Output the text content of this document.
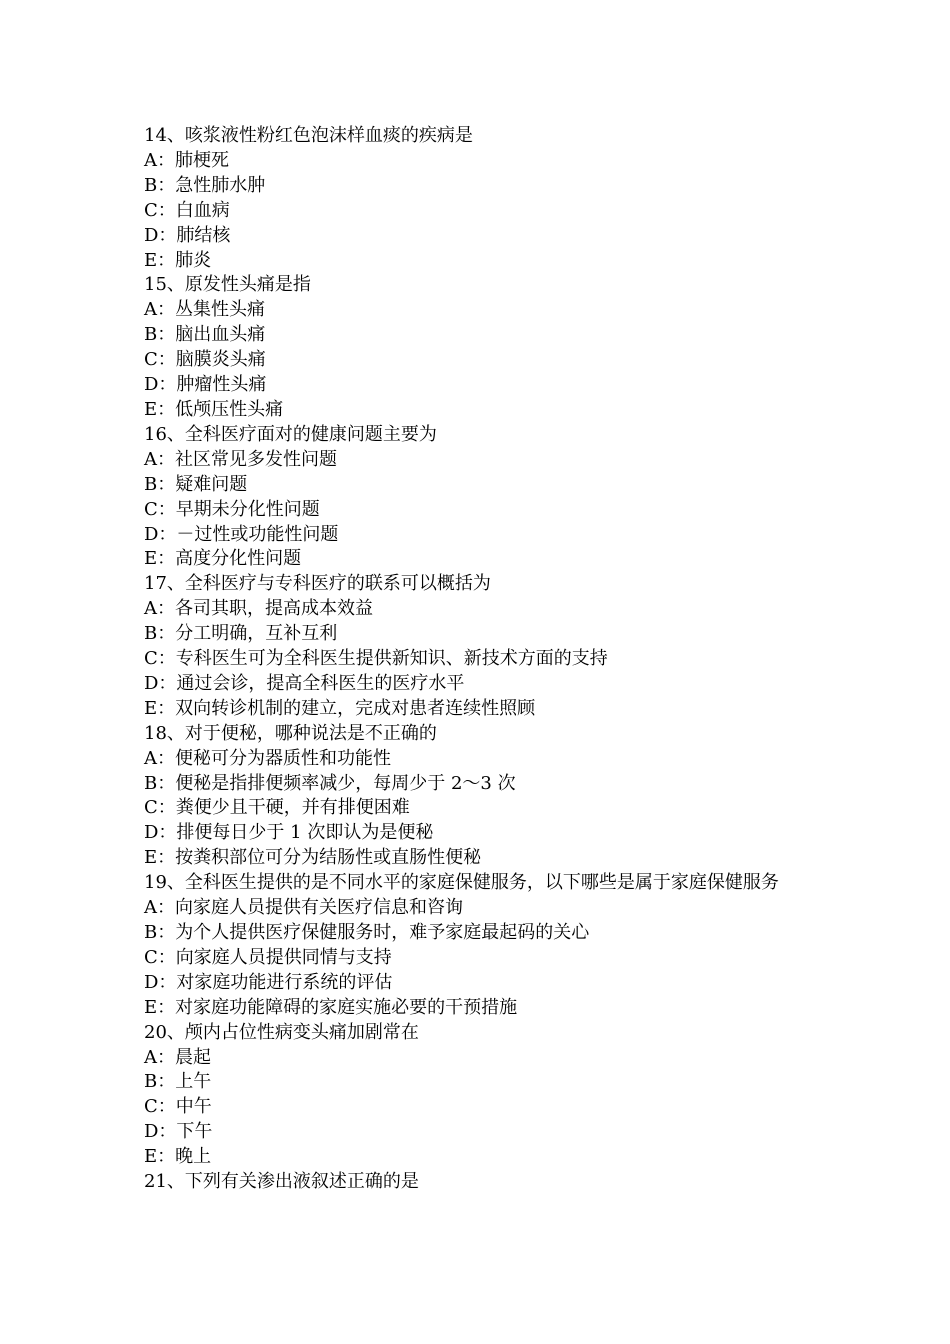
14、咳浆液性粉红色泡沫样血痰的疾病是

A：肺梗死

B：急性肺水肿

C：白血病

D：肺结核

E：肺炎

15、原发性头痛是指

A：丛集性头痛

B：脑出血头痛

C：脑膜炎头痛

D：肿瘤性头痛

E：低颅压性头痛

16、全科医疗面对的健康问题主要为

A：社区常见多发性问题

B：疑难问题

C：早期未分化性问题

D：－过性或功能性问题

E：高度分化性问题

17、全科医疗与专科医疗的联系可以概括为

A：各司其职，提高成本效益

B：分工明确，互补互利

C：专科医生可为全科医生提供新知识、新技术方面的支持

D：通过会诊，提高全科医生的医疗水平

E：双向转诊机制的建立，完成对患者连续性照顾

18、对于便秘，哪种说法是不正确的

A：便秘可分为器质性和功能性

B：便秘是指排便频率减少，每周少于 2～3 次

C：粪便少且干硬，并有排便困难

D：排便每日少于 1 次即认为是便秘

E：按粪积部位可分为结肠性或直肠性便秘

19、全科医生提供的是不同水平的家庭保健服务，以下哪些是属于家庭保健服务

A：向家庭人员提供有关医疗信息和咨询

B：为个人提供医疗保健服务时，难予家庭最起码的关心

C：向家庭人员提供同情与支持

D：对家庭功能进行系统的评估

E：对家庭功能障碍的家庭实施必要的干预措施

20、颅内占位性病变头痛加剧常在

A：晨起

B：上午

C：中午

D：下午

E：晚上

21、下列有关渗出液叙述正确的是
